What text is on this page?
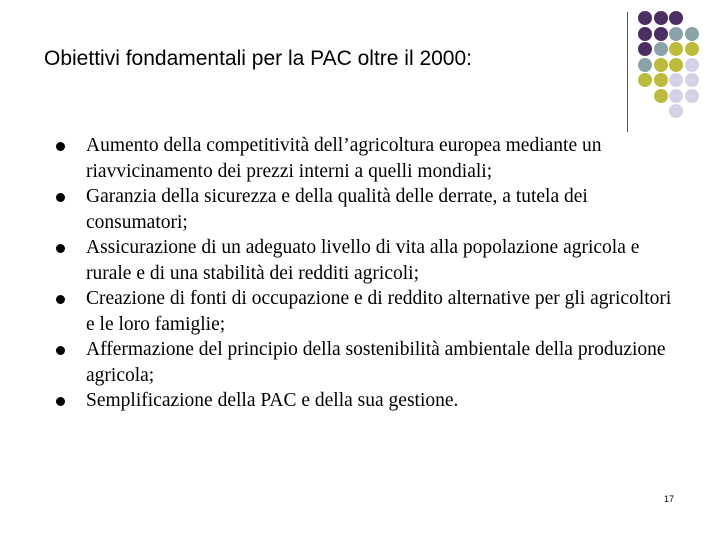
Obiettivi fondamentali per la PAC oltre il 2000:
Aumento della competitività dell’agricoltura europea mediante un riavvicinamento dei prezzi interni a quelli mondiali;
Garanzia della sicurezza e della qualità delle derrate, a tutela dei consumatori;
Assicurazione di un adeguato livello di vita alla popolazione agricola e rurale e di una stabilità dei redditi agricoli;
Creazione di fonti di occupazione e di reddito alternative per gli agricoltori e le loro famiglie;
Affermazione del principio della sostenibilità ambientale della produzione agricola;
Semplificazione della PAC e della sua gestione.
17
